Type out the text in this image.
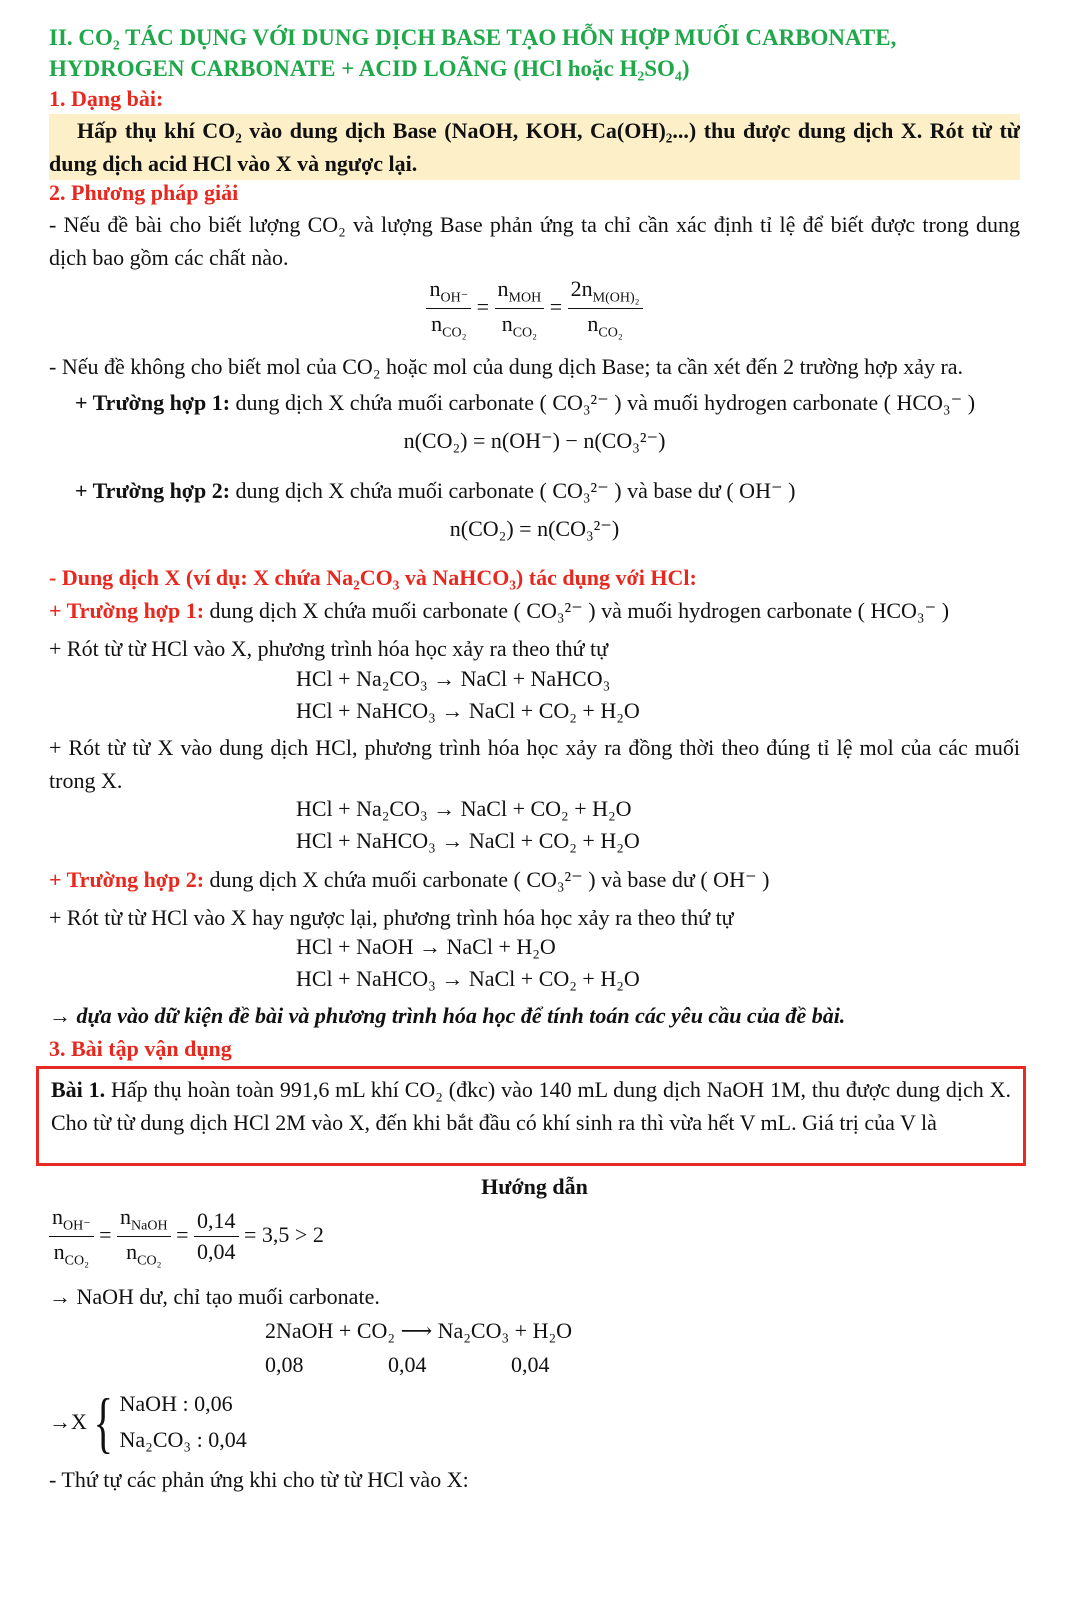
II. CO₂ TÁC DỤNG VỚI DUNG DỊCH BASE TẠO HỖN HỢP MUỐI CARBONATE,
HYDROGEN CARBONATE + ACID LOÃNG (HCl hoặc H₂SO₄)
1. Dạng bài:
Hấp thụ khí CO₂ vào dung dịch Base (NaOH, KOH, Ca(OH)₂...) thu được dung dịch X. Rót từ từ dung dịch acid HCl vào X và ngược lại.
2. Phương pháp giải
- Nếu đề bài cho biết lượng CO₂ và lượng Base phản ứng ta chỉ cần xác định tỉ lệ để biết được trong dung dịch bao gồm các chất nào.
$\frac{n_{OH^-}}{n_{CO_2}} = \frac{n_{MOH}}{n_{CO_2}} = \frac{2n_{M(OH)_2}}{n_{CO_2}}$
- Nếu đề không cho biết mol của CO₂ hoặc mol của dung dịch Base; ta cần xét đến 2 trường hợp xảy ra.
+ Trường hợp 1: dung dịch X chứa muối carbonate ( CO₃²⁻ ) và muối hydrogen carbonate ( HCO₃⁻ )
n(CO₂) = n(OH⁻) − n(CO₃²⁻)
+ Trường hợp 2: dung dịch X chứa muối carbonate ( CO₃²⁻ ) và base dư ( OH⁻ )
n(CO₂) = n(CO₃²⁻)
- Dung dịch X (ví dụ: X chứa Na₂CO₃ và NaHCO₃) tác dụng với HCl:
+ Trường hợp 1: dung dịch X chứa muối carbonate ( CO₃²⁻ ) và muối hydrogen carbonate ( HCO₃⁻ )
+ Rót từ từ HCl vào X, phương trình hóa học xảy ra theo thứ tự
HCl + Na₂CO₃ → NaCl + NaHCO₃
HCl + NaHCO₃ → NaCl + CO₂ + H₂O
+ Rót từ từ X vào dung dịch HCl, phương trình hóa học xảy ra đồng thời theo đúng tỉ lệ mol của các muối trong X.
HCl + Na₂CO₃ → NaCl + CO₂ + H₂O
HCl + NaHCO₃ → NaCl + CO₂ + H₂O
+ Trường hợp 2: dung dịch X chứa muối carbonate ( CO₃²⁻ ) và base dư ( OH⁻ )
+ Rót từ từ HCl vào X hay ngược lại, phương trình hóa học xảy ra theo thứ tự
HCl + NaOH → NaCl + H₂O
HCl + NaHCO₃ → NaCl + CO₂ + H₂O
→ dựa vào dữ kiện đề bài và phương trình hóa học để tính toán các yêu cầu của đề bài.
3. Bài tập vận dụng
Bài 1. Hấp thụ hoàn toàn 991,6 mL khí CO₂ (đkc) vào 140 mL dung dịch NaOH 1M, thu được dung dịch X. Cho từ từ dung dịch HCl 2M vào X, đến khi bắt đầu có khí sinh ra thì vừa hết V mL. Giá trị của V là
Hướng dẫn
$\frac{n_{OH^-}}{n_{CO_2}} = \frac{n_{NaOH}}{n_{CO_2}} = \frac{0,14}{0,04} = 3,5 > 2$
→ NaOH dư, chỉ tạo muối carbonate.
2NaOH + CO₂ ⟶ Na₂CO₃ + H₂O
0,08	0,04	0,04
→X{ NaOH : 0,06
Na₂CO₃ : 0,04
- Thứ tự các phản ứng khi cho từ từ HCl vào X:
